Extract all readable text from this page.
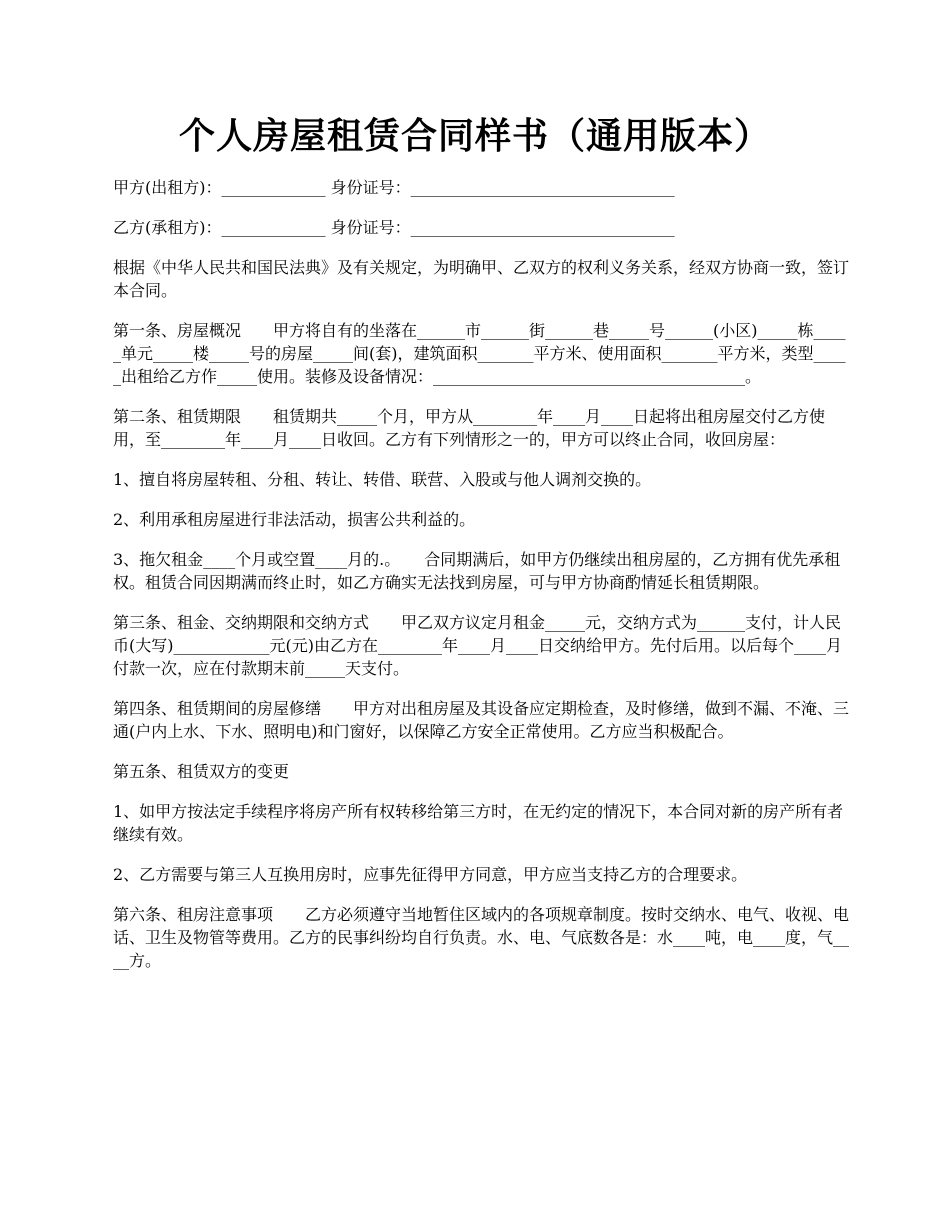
个人房屋租赁合同样书（通用版本）

甲方(出租方)：_____________ 身份证号：_________________________________

乙方(承租方)：_____________ 身份证号：_________________________________

根据《中华人民共和国民法典》及有关规定，为明确甲、乙双方的权利义务关系，经双方协商一致，签订本合同。

第一条、房屋概况　　甲方将自有的坐落在______市______街______巷_____号______(小区)_____栋_____单元_____楼_____号的房屋_____间(套)，建筑面积_______平方米、使用面积_______平方米，类型_____出租给乙方作_____使用。装修及设备情况：_______________________________________。

第二条、租赁期限　　租赁期共_____个月，甲方从________年____月____日起将出租房屋交付乙方使用，至________年____月____日收回。乙方有下列情形之一的，甲方可以终止合同，收回房屋：

1、擅自将房屋转租、分租、转让、转借、联营、入股或与他人调剂交换的。

2、利用承租房屋进行非法活动，损害公共利益的。

3、拖欠租金____个月或空置____月的.。　　合同期满后，如甲方仍继续出租房屋的，乙方拥有优先承租权。租赁合同因期满而终止时，如乙方确实无法找到房屋，可与甲方协商酌情延长租赁期限。

第三条、租金、交纳期限和交纳方式　　甲乙双方议定月租金_____元，交纳方式为______支付，计人民币(大写)____________元(元)由乙方在________年____月____日交纳给甲方。先付后用。以后每个____月付款一次，应在付款期末前_____天支付。

第四条、租赁期间的房屋修缮　　甲方对出租房屋及其设备应定期检查，及时修缮，做到不漏、不淹、三通(户内上水、下水、照明电)和门窗好，以保障乙方安全正常使用。乙方应当积极配合。

第五条、租赁双方的变更

1、如甲方按法定手续程序将房产所有权转移给第三方时，在无约定的情况下，本合同对新的房产所有者继续有效。

2、乙方需要与第三人互换用房时，应事先征得甲方同意，甲方应当支持乙方的合理要求。

第六条、租房注意事项　　乙方必须遵守当地暂住区域内的各项规章制度。按时交纳水、电气、收视、电话、卫生及物管等费用。乙方的民事纠纷均自行负责。水、电、气底数各是：水____吨，电____度，气____方。
